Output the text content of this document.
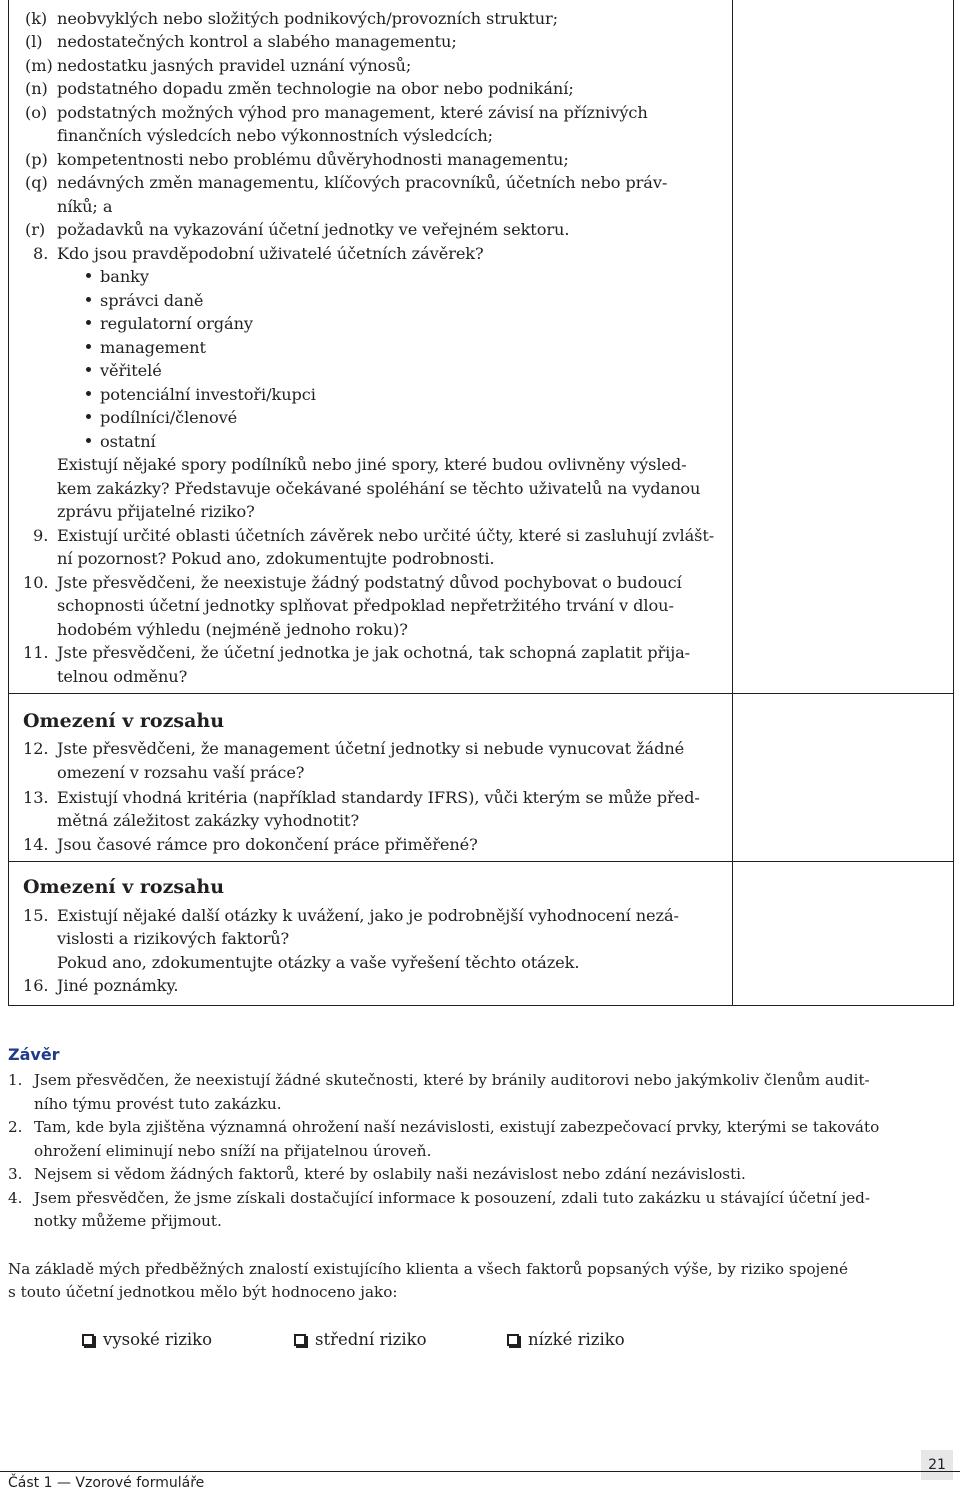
(k) neobvyklých nebo složitých podnikových/provozních struktur;
(l) nedostatečných kontrol a slabého managementu;
(m) nedostatku jasných pravidel uznání výnosů;
(n) podstatného dopadu změn technologie na obor nebo podnikání;
(o) podstatných možných výhod pro management, které závisí na příznivých
finančních výsledcích nebo výkonnostních výsledcích;
(p) kompetentnosti nebo problému důvěryhodnosti managementu;
(q) nedávných změn managementu, klíčových pracovníků, účetních nebo práv-
níků; a
(r) požadavků na vykazování účetní jednotky ve veřejném sektoru.
8. Kdo jsou pravděpodobní uživatelé účetních závěrek?
banky
správci daně
regulatorní orgány
management
věřitelé
potenciální investoři/kupci
podílníci/členové
ostatní
Existují nějaké spory podílníků nebo jiné spory, které budou ovlivněny výsled-
kem zakázky? Představuje očekávané spoléhání se těchto uživatelů na vydanou
zprávu přijatelné riziko?
9. Existují určité oblasti účetních závěrek nebo určité účty, které si zasluhují zvlášt-
ní pozornost? Pokud ano, zdokumentujte podrobnosti.
10. Jste přesvědčeni, že neexistuje žádný podstatný důvod pochybovat o budoucí
schopnosti účetní jednotky splňovat předpoklad nepřetržitého trvání v dlou-
hodobém výhledu (nejméně jednoho roku)?
11. Jste přesvědčeni, že účetní jednotka je jak ochotná, tak schopná zaplatit přija-
telnou odměnu?
Omezení v rozsahu
12. Jste přesvědčeni, že management účetní jednotky si nebude vynucovat žádné
omezení v rozsahu vaší práce?
13. Existují vhodná kritéria (například standardy IFRS), vůči kterým se může před-
mětná záležitost zakázky vyhodnotit?
14. Jsou časové rámce pro dokončení práce přiměřené?
Omezení v rozsahu
15. Existují nějaké další otázky k uvážení, jako je podrobnější vyhodnocení nezá-
vislosti a rizikových faktorů?
Pokud ano, zdokumentujte otázky a vaše vyřešení těchto otázek.
16. Jiné poznámky.
Závěr
1. Jsem přesvědčen, že neexistují žádné skutečnosti, které by bránily auditorovi nebo jakýmkoliv členům audit-
ního týmu provést tuto zakázku.
2. Tam, kde byla zjištěna významná ohrožení naší nezávislosti, existují zabezpečovací prvky, kterými se takováto
ohrožení eliminují nebo sníží na přijatelnou úroveň.
3. Nejsem si vědom žádných faktorů, které by oslabily naši nezávislost nebo zdání nezávislosti.
4. Jsem přesvědčen, že jsme získali dostačující informace k posouzení, zdali tuto zakázku u stávající účetní jed-
notky můžeme přijmout.
Na základě mých předběžných znalostí existujícího klienta a všech faktorů popsaných výše, by riziko spojené
s touto účetní jednotkou mělo být hodnoceno jako:
vysoké riziko	střední riziko	nízké riziko
21
Část 1 — Vzorové formuláře
